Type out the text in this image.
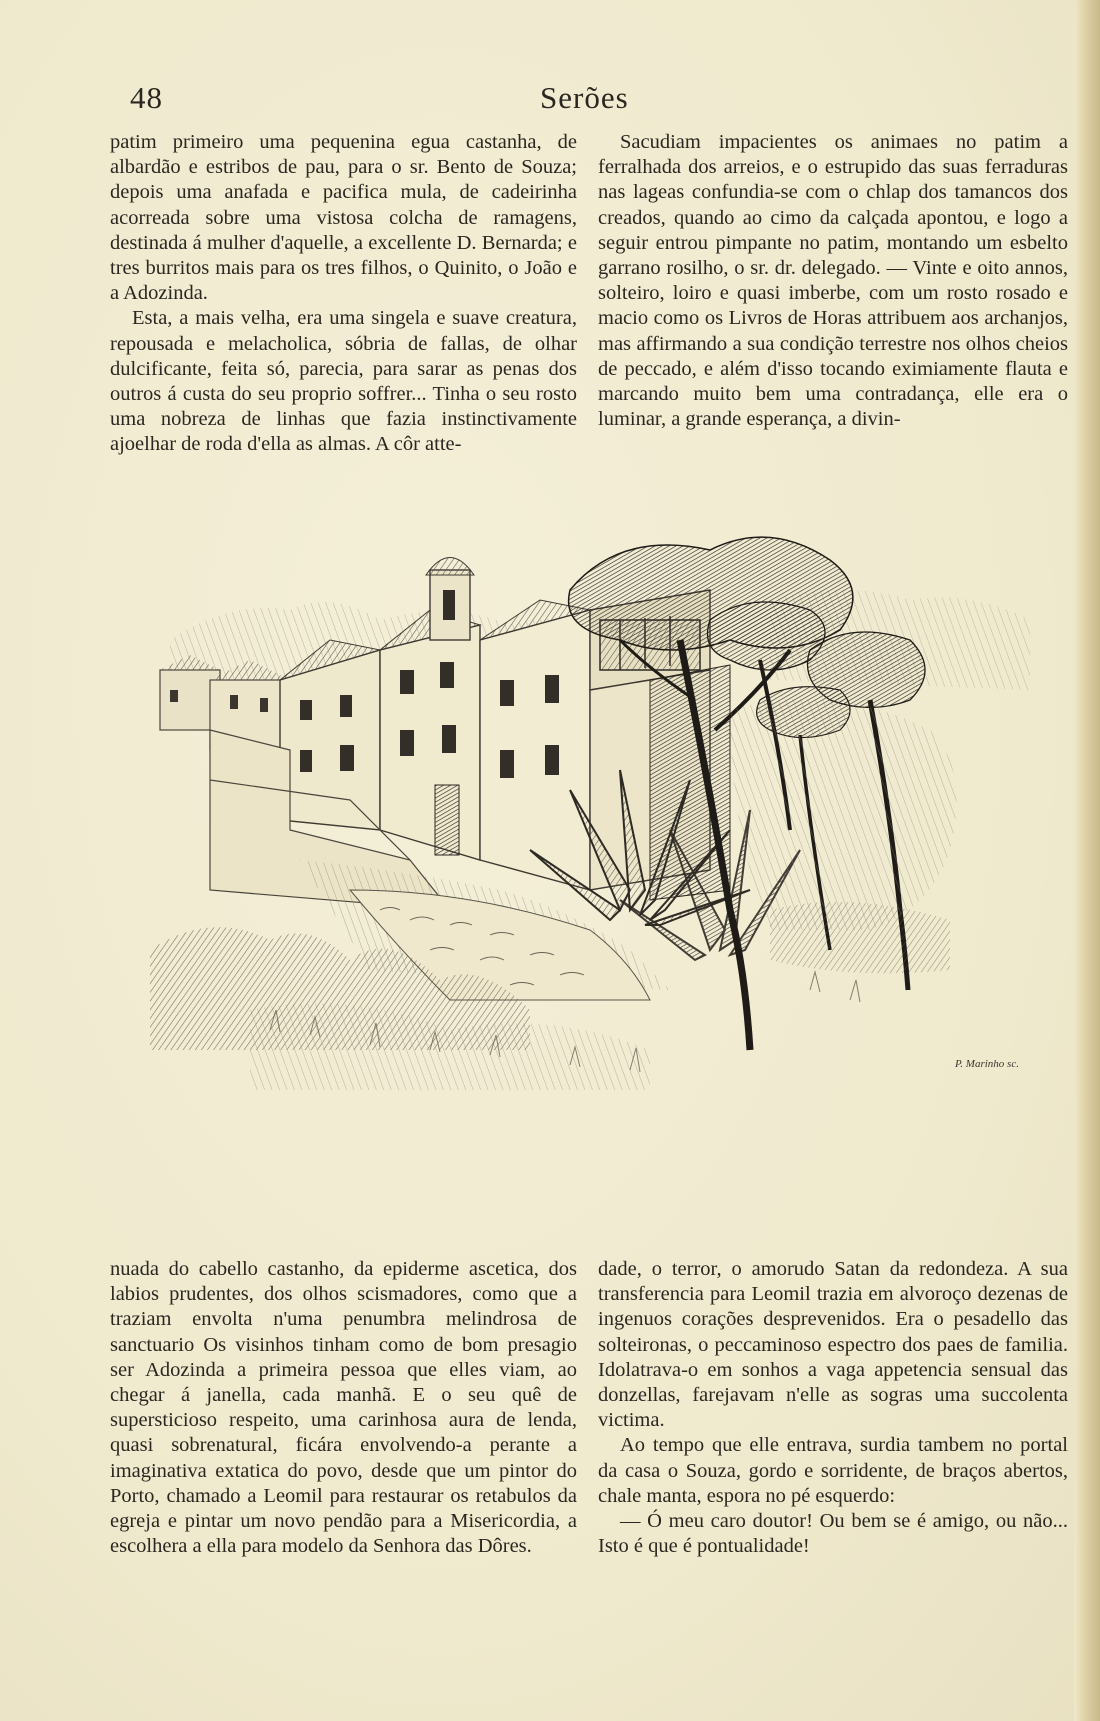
48	Serões

patim primeiro uma pequenina egua castanha, de albardão e estribos de pau, para o sr. Bento de Souza; depois uma anafada e pacifica mula, de cadeirinha acorreada sobre uma vistosa colcha de ramagens, destinada á mulher d'aquelle, a excellente D. Bernarda; e tres burritos mais para os tres filhos, o Quinito, o João e a Adozinda.

Esta, a mais velha, era uma singela e suave creatura, repousada e melacholica, sóbria de fallas, de olhar dulcificante, feita só, parecia, para sarar as penas dos outros á custa do seu proprio soffrer... Tinha o seu rosto uma nobreza de linhas que fazia instinctivamente ajoelhar de roda d'ella as almas. A côr atte-

Sacudiam impacientes os animaes no patim a ferralhada dos arreios, e o estrupido das suas ferraduras nas lageas confundia-se com o chlap dos tamancos dos creados, quando ao cimo da calçada apontou, e logo a seguir entrou pimpante no patim, montando um esbelto garrano rosilho, o sr. dr. delegado. — Vinte e oito annos, solteiro, loiro e quasi imberbe, com um rosto rosado e macio como os Livros de Horas attribuem aos archanjos, mas affirmando a sua condição terrestre nos olhos cheios de peccado, e além d'isso tocando eximiamente flauta e marcando muito bem uma contradança, elle era o luminar, a grande esperança, a divin-

P. Marinho sc.

nuada do cabello castanho, da epiderme ascetica, dos labios prudentes, dos olhos scismadores, como que a traziam envolta n'uma penumbra melindrosa de sanctuario Os visinhos tinham como de bom presagio ser Adozinda a primeira pessoa que elles viam, ao chegar á janella, cada manhã. E o seu quê de supersticioso respeito, uma carinhosa aura de lenda, quasi sobrenatural, ficára envolvendo-a perante a imaginativa extatica do povo, desde que um pintor do Porto, chamado a Leomil para restaurar os retabulos da egreja e pintar um novo pendão para a Misericordia, a escolhera a ella para modelo da Senhora das Dôres.

dade, o terror, o amorudo Satan da redondeza. A sua transferencia para Leomil trazia em alvoroço dezenas de ingenuos corações desprevenidos. Era o pesadello das solteironas, o peccaminoso espectro dos paes de familia. Idolatrava-o em sonhos a vaga appetencia sensual das donzellas, farejavam n'elle as sogras uma succolenta victima.

Ao tempo que elle entrava, surdia tambem no portal da casa o Souza, gordo e sorridente, de braços abertos, chale manta, espora no pé esquerdo:

— Ó meu caro doutor! Ou bem se é amigo, ou não... Isto é que é pontualidade!
